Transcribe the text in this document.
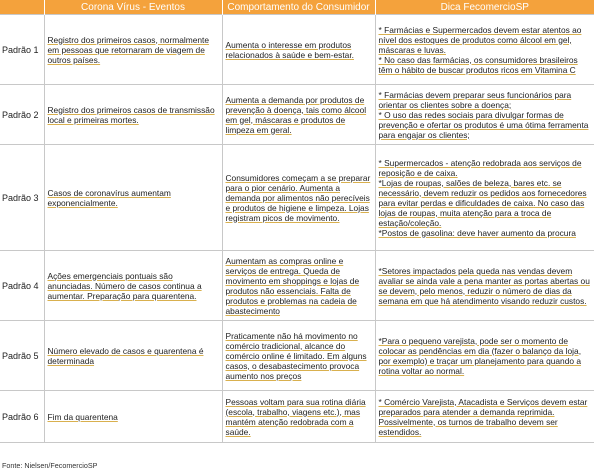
	Corona Vírus - Eventos	Comportamento do Consumidor	Dica FecomercioSP
Padrão 1	Registro dos primeiros casos, normalmente em pessoas que retornaram de viagem de outros países.	Aumenta o interesse em produtos relacionados à saúde e bem-estar.	* Farmácias e Supermercados devem estar atentos ao nível dos estoques de produtos como álcool em gel, máscaras e luvas.
* No caso das farmácias, os consumidores brasileiros têm o hábito de buscar produtos ricos em Vitamina C
Padrão 2	Registro dos primeiros casos de transmissão local e primeiras mortes.	Aumenta a demanda por produtos de prevenção à doença, tais como álcool em gel, máscaras e produtos de limpeza em geral.	* Farmácias devem preparar seus funcionários para orientar os clientes sobre a doença;
* O uso das redes sociais para divulgar formas de prevenção e ofertar os produtos é uma ótima ferramenta para engajar os clientes;
Padrão 3	Casos de coronavírus aumentam exponencialmente.	Consumidores começam a se preparar para o pior cenário. Aumenta a demanda por alimentos não perecíveis e produtos de higiene e limpeza. Lojas registram picos de movimento.	* Supermercados - atenção redobrada aos serviços de reposição e de caixa.
*Lojas de roupas, salões de beleza, bares etc. se necessário, devem reduzir os pedidos aos fornecedores para evitar perdas e dificuldades de caixa. No caso das lojas de roupas, muita atenção para a troca de estação/coleção.
*Postos de gasolina: deve haver aumento da procura
Padrão 4	Ações emergenciais pontuais são anunciadas. Número de casos continua a aumentar. Preparação para quarentena.	Aumentam as compras online e serviços de entrega. Queda de movimento em shoppings e lojas de produtos não essenciais. Falta de produtos e problemas na cadeia de abastecimento	*Setores impactados pela queda nas vendas devem avaliar se ainda vale a pena manter as portas abertas ou se devem, pelo menos, reduzir o número de dias da semana em que há atendimento visando reduzir custos.
Padrão 5	Número elevado de casos e quarentena é determinada	Praticamente não há movimento no comércio tradicional, alcance do comércio online é limitado. Em alguns casos, o desabastecimento provoca aumento nos preços	*Para o pequeno varejista, pode ser o momento de colocar as pendências em dia (fazer o balanço da loja, por exemplo) e traçar um planejamento para quando a rotina voltar ao normal.
Padrão 6	Fim da quarentena	Pessoas voltam para sua rotina diária (escola, trabalho, viagens etc.), mas mantém atenção redobrada com a saúde.	* Comércio Varejista, Atacadista e Serviços devem estar preparados para atender a demanda reprimida. Possivelmente, os turnos de trabalho devem ser estendidos.
Fonte: Nielsen/FecomercioSP
